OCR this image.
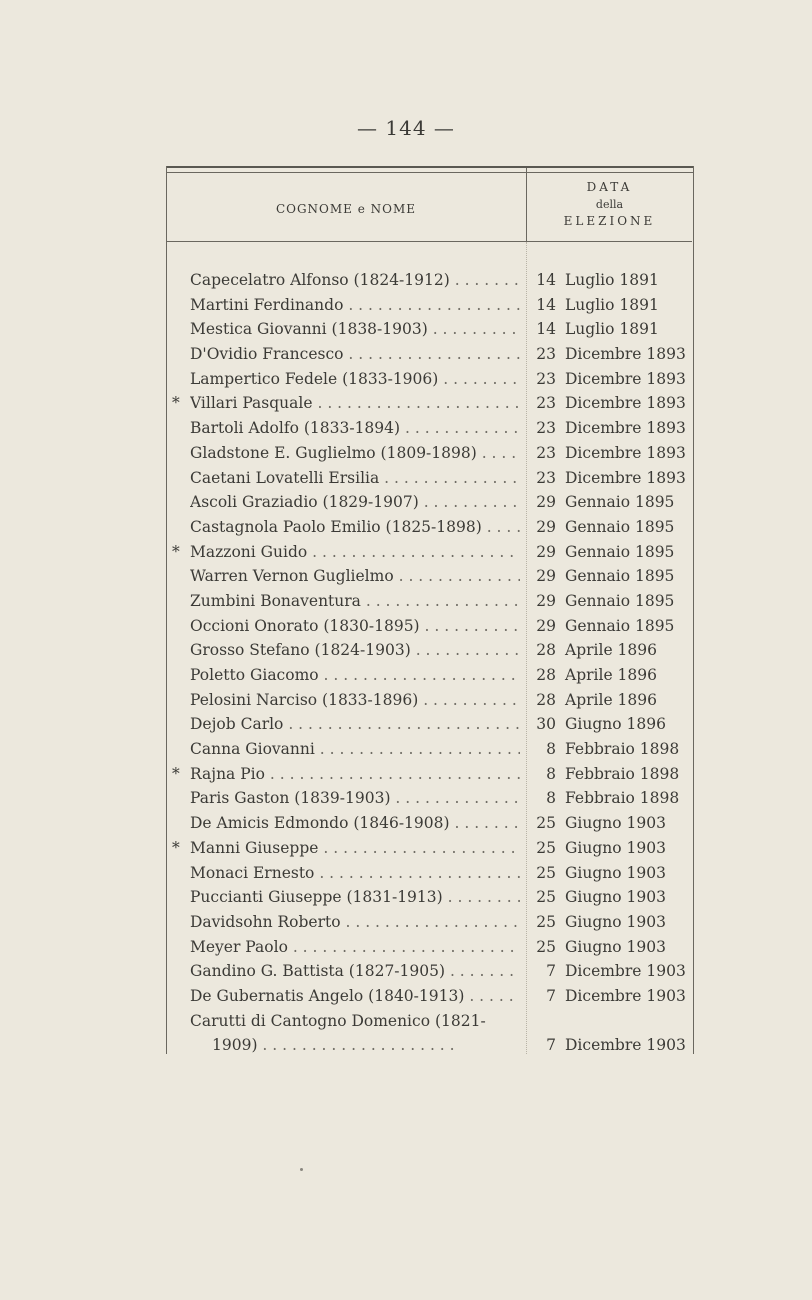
— 144 —
COGNOME e NOME
DATA
della
ELEZIONE
Capecelatro Alfonso (1824-1912) . . .	14 Luglio 1891
Martini Ferdinando . . .	14 Luglio 1891
Mestica Giovanni (1838-1903) . . .	14 Luglio 1891
D'Ovidio Francesco . . .	23 Dicembre 1893
Lampertico Fedele (1833-1906) . . .	23 Dicembre 1893
* Villari Pasquale . . .	23 Dicembre 1893
Bartoli Adolfo (1833-1894) . . .	23 Dicembre 1893
Gladstone E. Guglielmo (1809-1898) . . .	23 Dicembre 1893
Caetani Lovatelli Ersilia . . .	23 Dicembre 1893
Ascoli Graziadio (1829-1907) . . .	29 Gennaio 1895
Castagnola Paolo Emilio (1825-1898) . . .	29 Gennaio 1895
* Mazzoni Guido . . .	29 Gennaio 1895
Warren Vernon Guglielmo . . .	29 Gennaio 1895
Zumbini Bonaventura . . .	29 Gennaio 1895
Occioni Onorato (1830-1895) . . .	29 Gennaio 1895
Grosso Stefano (1824-1903) . . .	28 Aprile 1896
Poletto Giacomo . . .	28 Aprile 1896
Pelosini Narciso (1833-1896) . . .	28 Aprile 1896
Dejob Carlo . . .	30 Giugno 1896
Canna Giovanni . . .	8 Febbraio 1898
* Rajna Pio . . .	8 Febbraio 1898
Paris Gaston (1839-1903) . . .	8 Febbraio 1898
De Amicis Edmondo (1846-1908) . . .	25 Giugno 1903
* Manni Giuseppe . . .	25 Giugno 1903
Monaci Ernesto . . .	25 Giugno 1903
Puccianti Giuseppe (1831-1913) . . .	25 Giugno 1903
Davidsohn Roberto . . .	25 Giugno 1903
Meyer Paolo . . .	25 Giugno 1903
Gandino G. Battista (1827-1905) . . .	7 Dicembre 1903
De Gubernatis Angelo (1840-1913) . . .	7 Dicembre 1903
Carutti di Cantogno Domenico (1821-
1909) . . .	7 Dicembre 1903
